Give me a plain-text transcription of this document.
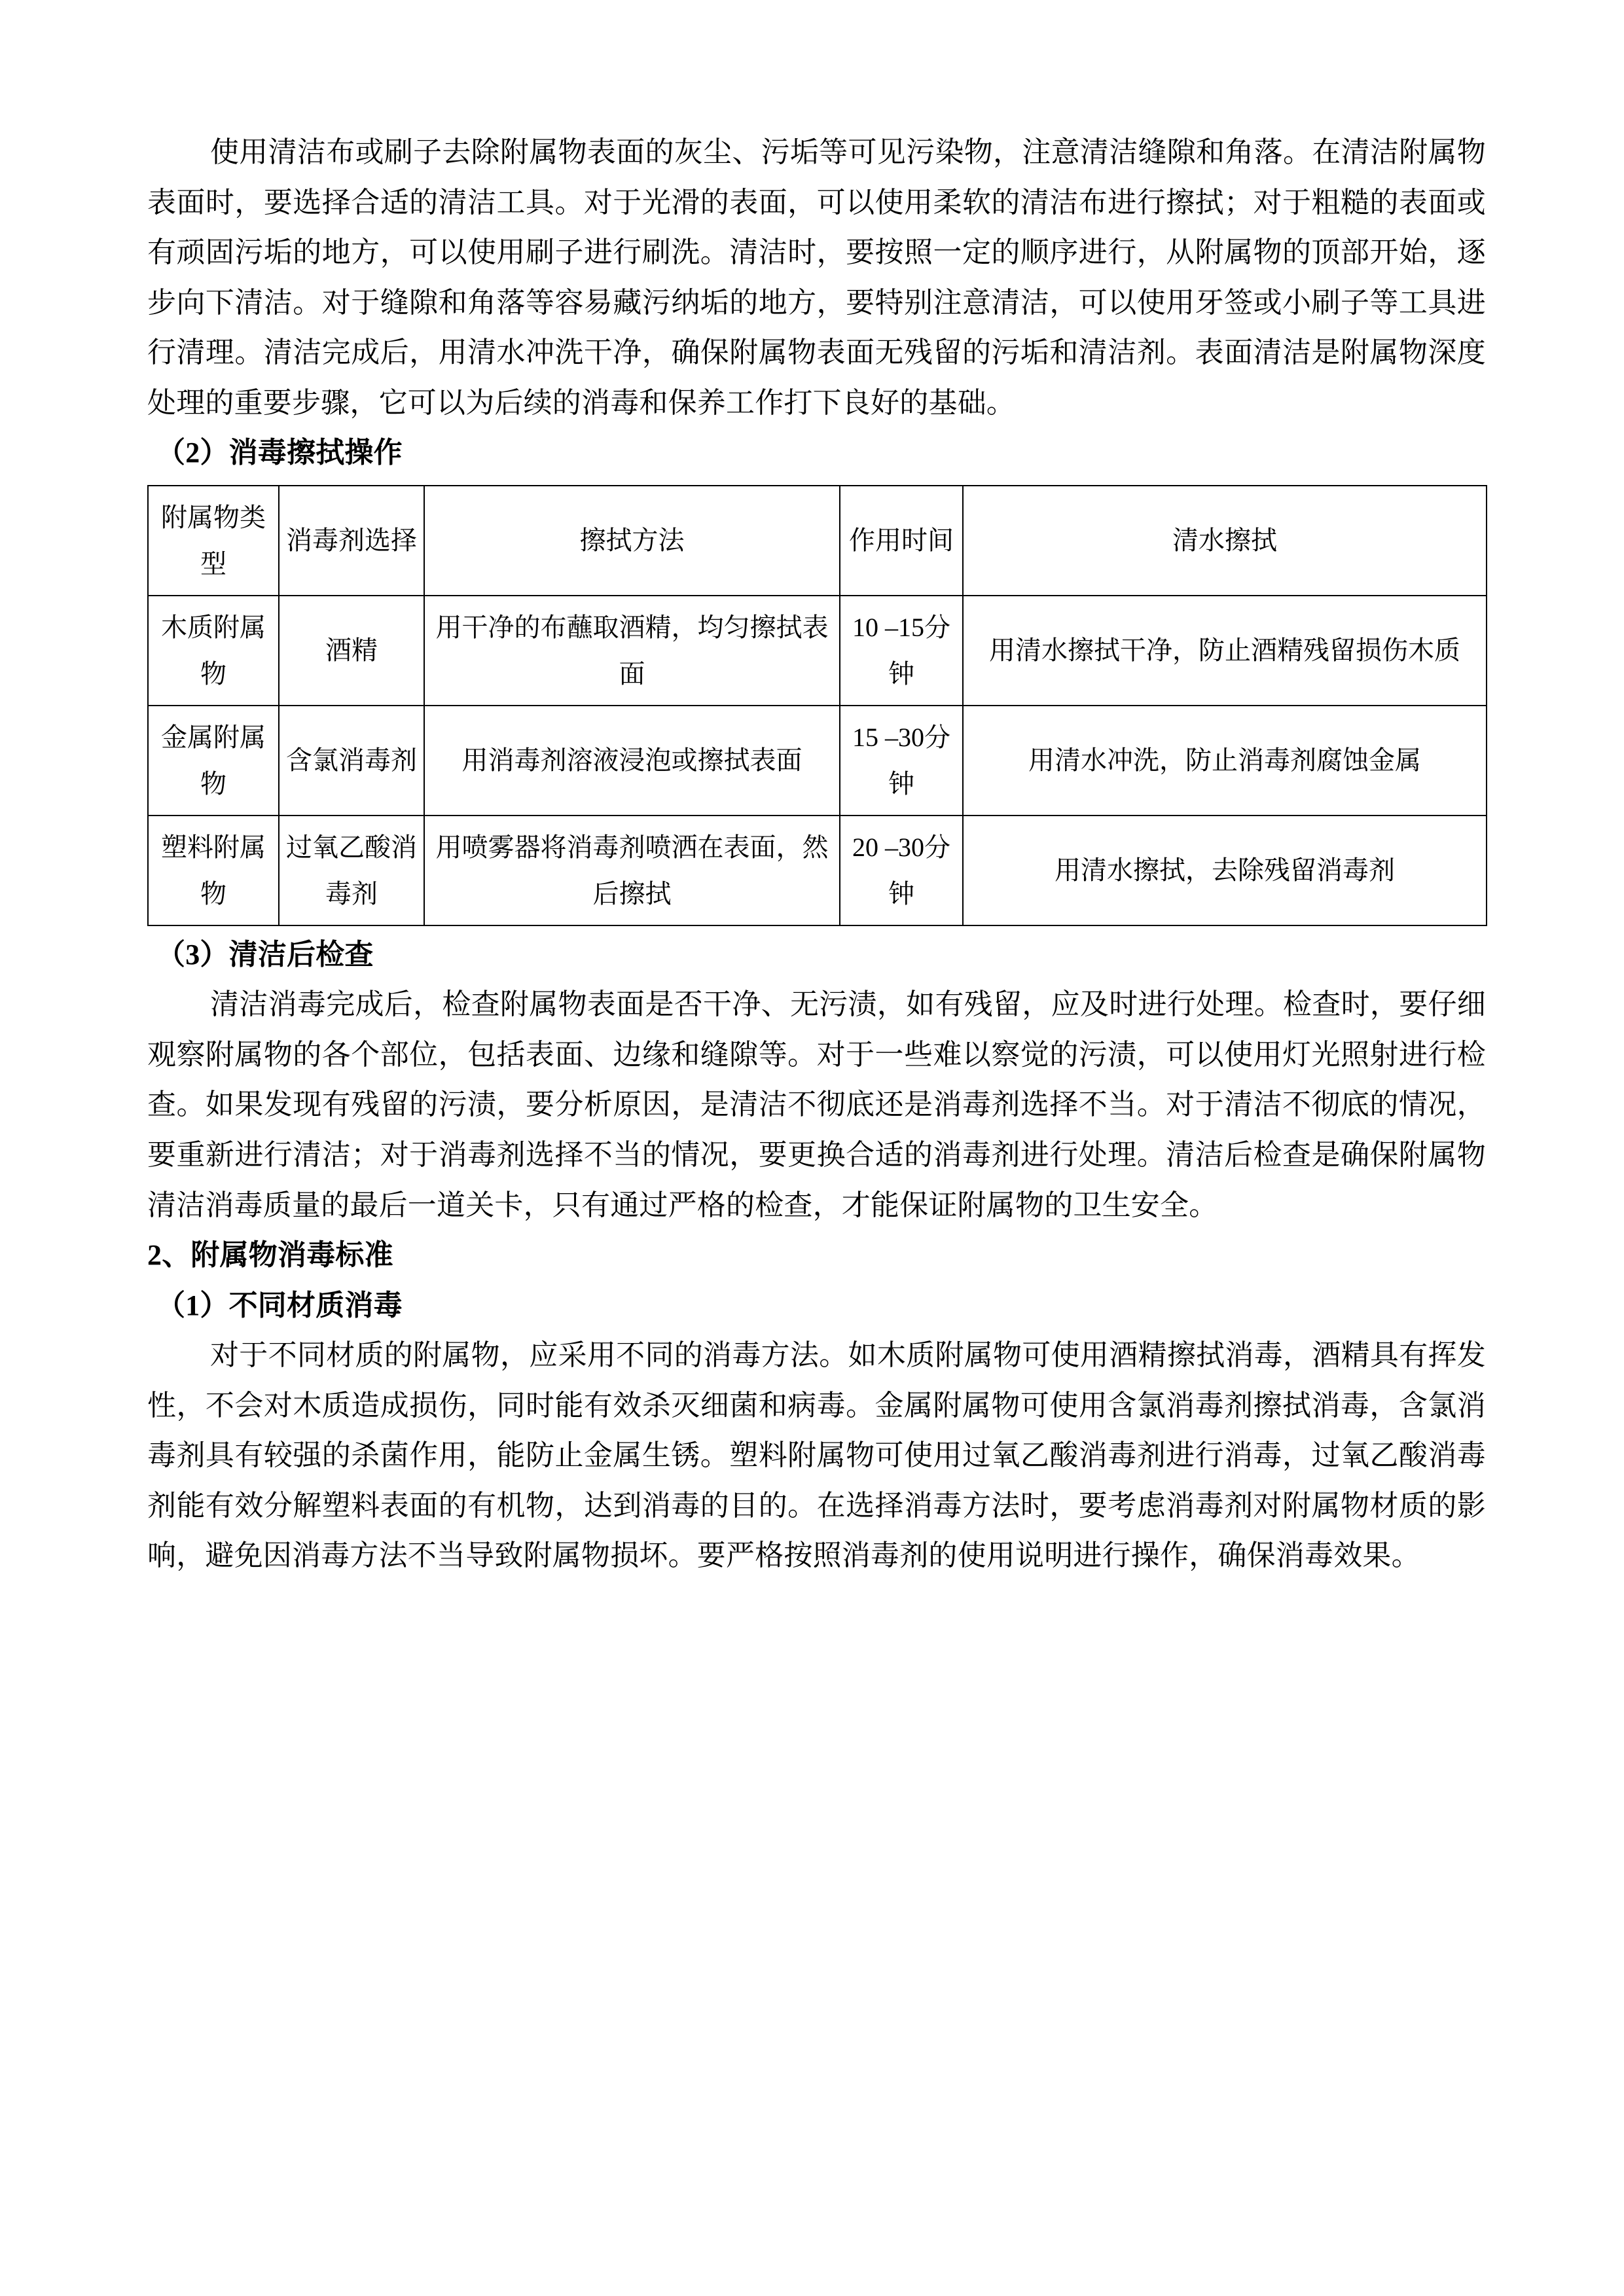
使用清洁布或刷子去除附属物表面的灰尘、污垢等可见污染物，注意清洁缝隙和角落。在清洁附属物表面时，要选择合适的清洁工具。对于光滑的表面，可以使用柔软的清洁布进行擦拭；对于粗糙的表面或有顽固污垢的地方，可以使用刷子进行刷洗。清洁时，要按照一定的顺序进行，从附属物的顶部开始，逐步向下清洁。对于缝隙和角落等容易藏污纳垢的地方，要特别注意清洁，可以使用牙签或小刷子等工具进行清理。清洁完成后，用清水冲洗干净，确保附属物表面无残留的污垢和清洁剂。表面清洁是附属物深度处理的重要步骤，它可以为后续的消毒和保养工作打下良好的基础。

（2）消毒擦拭操作
附属物类型	消毒剂选择	擦拭方法	作用时间	清水擦拭
木质附属物	酒精	用干净的布蘸取酒精，均匀擦拭表面	10 –15分钟	用清水擦拭干净，防止酒精残留损伤木质
金属附属物	含氯消毒剂	用消毒剂溶液浸泡或擦拭表面	15 –30分钟	用清水冲洗，防止消毒剂腐蚀金属
塑料附属物	过氧乙酸消毒剂	用喷雾器将消毒剂喷洒在表面，然后擦拭	20 –30分钟	用清水擦拭，去除残留消毒剂
（3）清洁后检查

清洁消毒完成后，检查附属物表面是否干净、无污渍，如有残留，应及时进行处理。检查时，要仔细观察附属物的各个部位，包括表面、边缘和缝隙等。对于一些难以察觉的污渍，可以使用灯光照射进行检查。如果发现有残留的污渍，要分析原因，是清洁不彻底还是消毒剂选择不当。对于清洁不彻底的情况，要重新进行清洁；对于消毒剂选择不当的情况，要更换合适的消毒剂进行处理。清洁后检查是确保附属物清洁消毒质量的最后一道关卡，只有通过严格的检查，才能保证附属物的卫生安全。

2、附属物消毒标准
（1）不同材质消毒

对于不同材质的附属物，应采用不同的消毒方法。如木质附属物可使用酒精擦拭消毒，酒精具有挥发性，不会对木质造成损伤，同时能有效杀灭细菌和病毒。金属附属物可使用含氯消毒剂擦拭消毒，含氯消毒剂具有较强的杀菌作用，能防止金属生锈。塑料附属物可使用过氧乙酸消毒剂进行消毒，过氧乙酸消毒剂能有效分解塑料表面的有机物，达到消毒的目的。在选择消毒方法时，要考虑消毒剂对附属物材质的影响，避免因消毒方法不当导致附属物损坏。要严格按照消毒剂的使用说明进行操作，确保消毒效果。
